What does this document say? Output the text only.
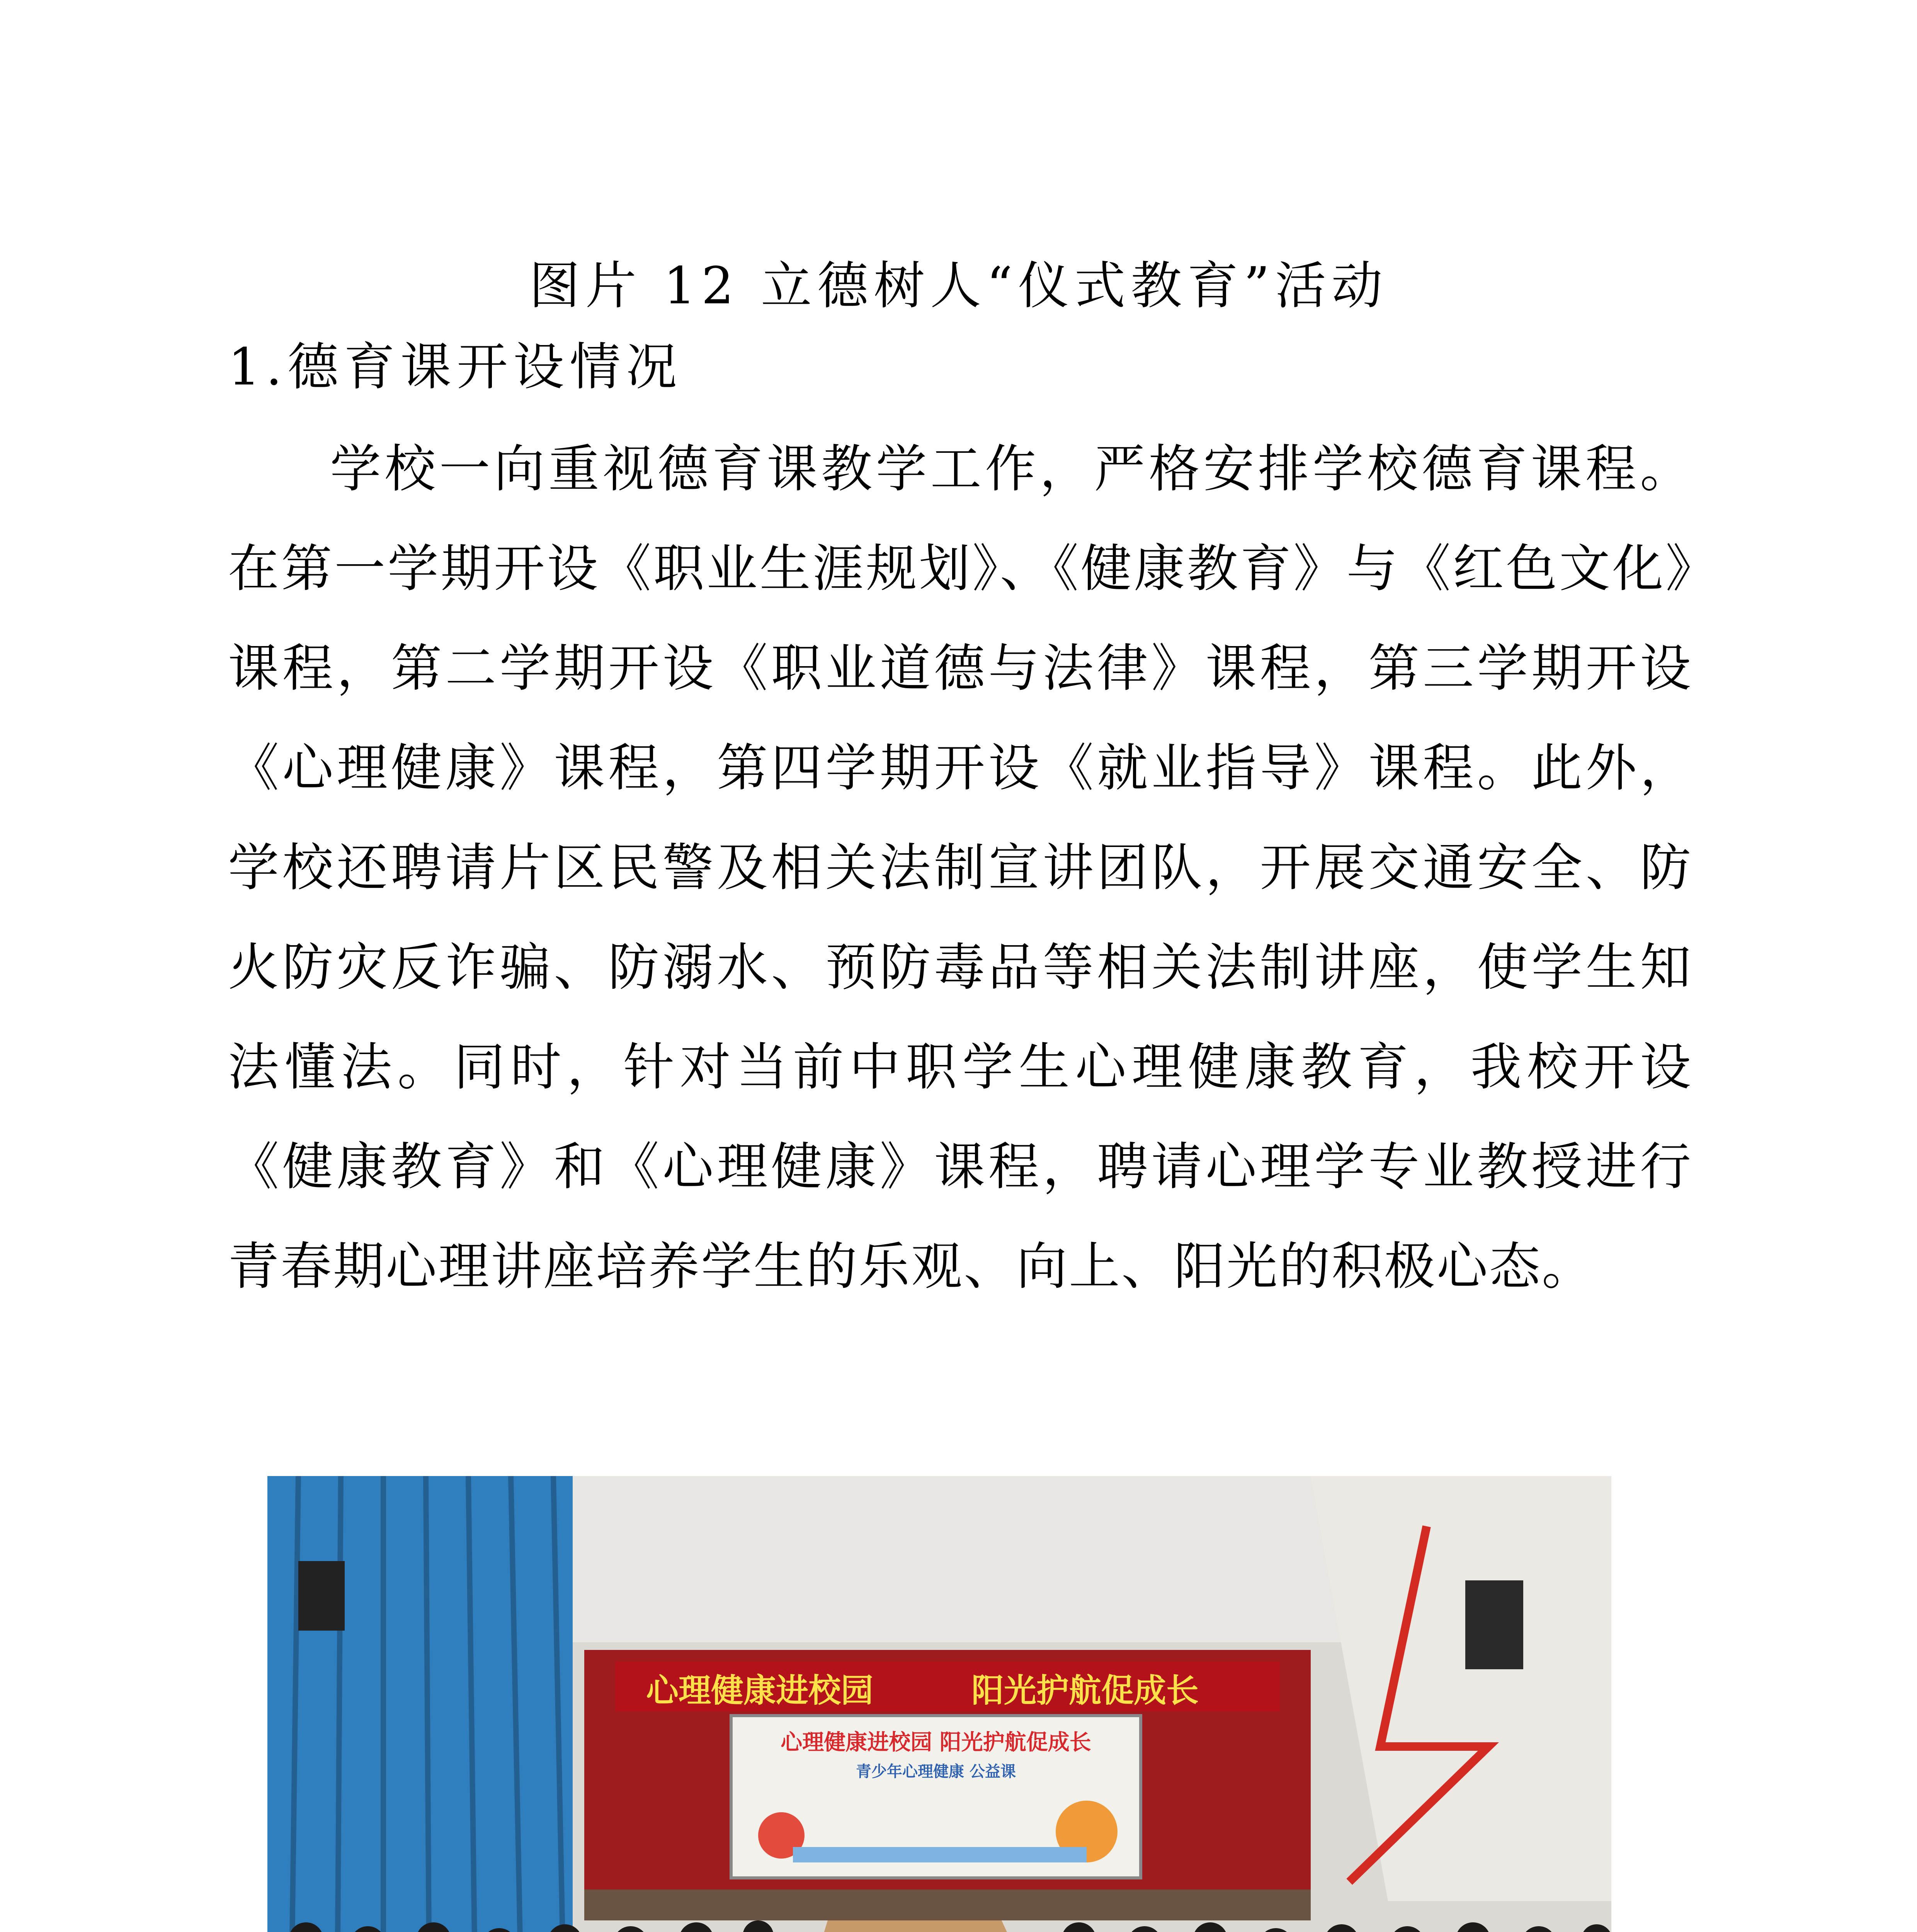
图片 12 立德树人“仪式教育”活动
1.德育课开设情况
学校一向重视德育课教学工作，严格安排学校德育课程。在第一学期开设《职业生涯规划》、《健康教育》与《红色文化》课程，第二学期开设《职业道德与法律》课程，第三学期开设《心理健康》课程，第四学期开设《就业指导》课程。此外，学校还聘请片区民警及相关法制宣讲团队，开展交通安全、防火防灾反诈骗、防溺水、预防毒品等相关法制讲座，使学生知法懂法。同时，针对当前中职学生心理健康教育，我校开设《健康教育》和《心理健康》课程，聘请心理学专业教授进行青春期心理讲座培养学生的乐观、向上、阳光的积极心态。
心理健康进校园	阳光护航促成长
心理健康进校园 阳光护航促成长
青少年心理健康 公益课
